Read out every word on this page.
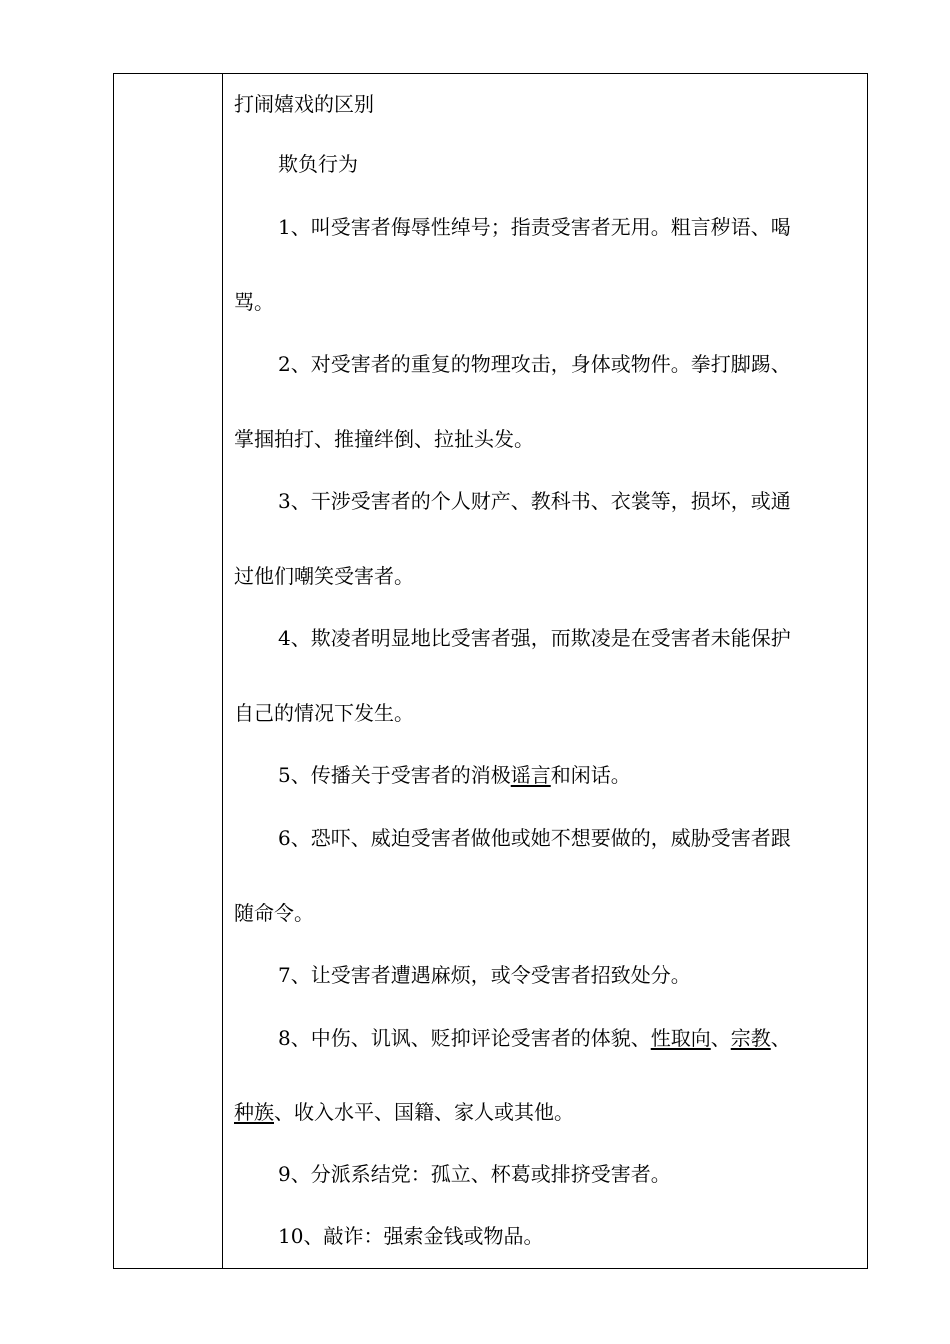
打闹嬉戏的区别
欺负行为
1、叫受害者侮辱性绰号；指责受害者无用。粗言秽语、喝
骂。
2、对受害者的重复的物理攻击，身体或物件。拳打脚踢、
掌掴拍打、推撞绊倒、拉扯头发。
3、干涉受害者的个人财产、教科书、衣裳等，损坏，或通
过他们嘲笑受害者。
4、欺凌者明显地比受害者强，而欺凌是在受害者未能保护
自己的情况下发生。
5、传播关于受害者的消极谣言和闲话。
6、恐吓、威迫受害者做他或她不想要做的，威胁受害者跟
随命令。
7、让受害者遭遇麻烦，或令受害者招致处分。
8、中伤、讥讽、贬抑评论受害者的体貌、性取向、宗教、
种族、收入水平、国籍、家人或其他。
9、分派系结党：孤立、杯葛或排挤受害者。
10、敲诈：强索金钱或物品。
